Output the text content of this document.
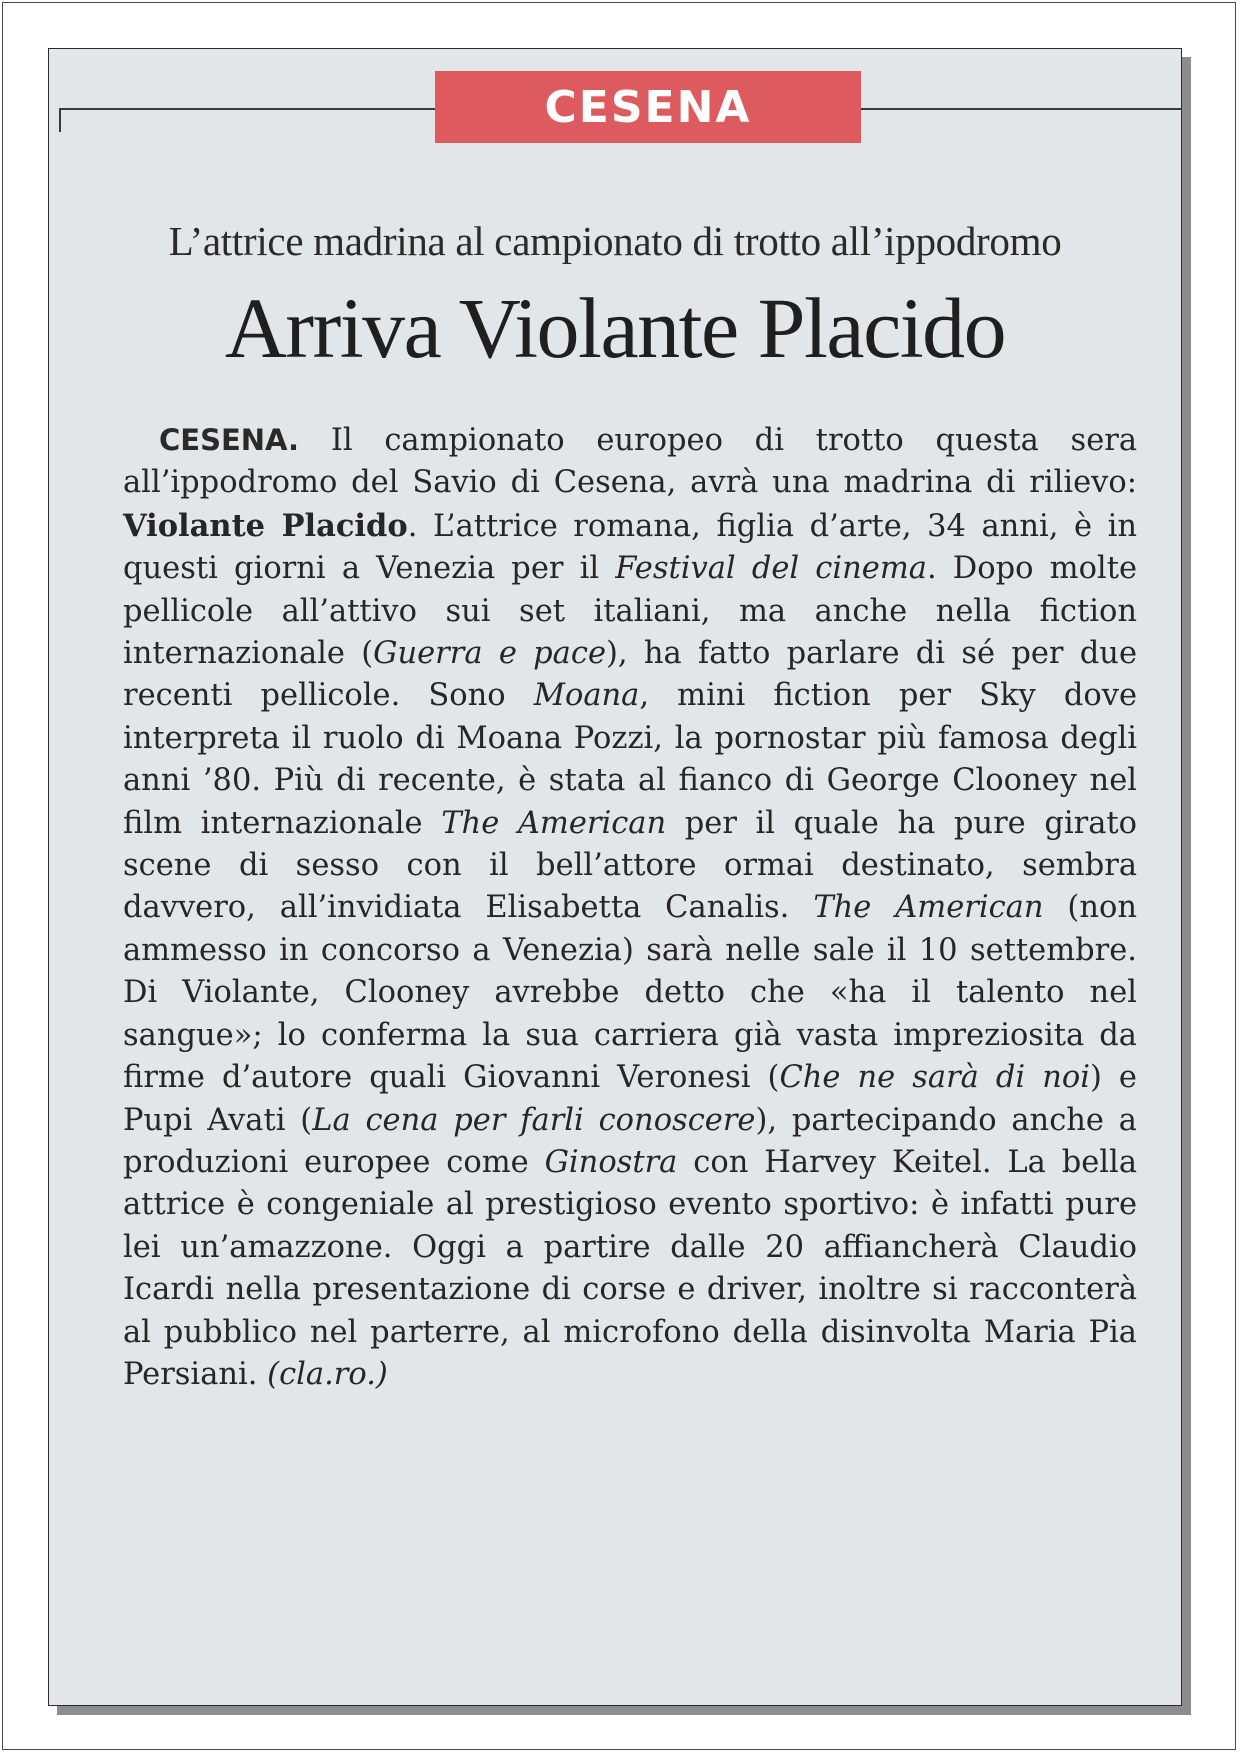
CESENA
L’attrice madrina al campionato di trotto all’ippodromo
Arriva Violante Placido

CESENA. Il campionato europeo di trotto questa sera all’ippodromo del Savio di Cesena, avrà una madrina di rilievo: Violante Placido. L’attrice romana, figlia d’arte, 34 anni, è in questi giorni a Venezia per il Festival del cinema. Dopo molte pellicole all’attivo sui set italiani, ma anche nella fiction internazionale (Guerra e pace), ha fatto parlare di sé per due recenti pellicole. Sono Moana, mini fiction per Sky dove interpreta il ruolo di Moana Pozzi, la pornostar più famosa degli anni ’80. Più di recente, è stata al fianco di George Clooney nel film internazionale The American per il quale ha pure girato scene di sesso con il bell’attore ormai destinato, sembra davvero, all’invidiata Elisabetta Canalis. The American (non ammesso in concorso a Venezia) sarà nelle sale il 10 settembre. Di Violante, Clooney avrebbe detto che «ha il talento nel sangue»; lo conferma la sua carriera già vasta impreziosita da firme d’autore quali Giovanni Veronesi (Che ne sarà di noi) e Pupi Avati (La cena per farli conoscere), partecipando anche a produzioni europee come Ginostra con Harvey Keitel. La bella attrice è congeniale al prestigioso evento sportivo: è infatti pure lei un’amazzone. Oggi a partire dalle 20 affiancherà Claudio Icardi nella presentazione di corse e driver, inoltre si racconterà al pubblico nel parterre, al microfono della disinvolta Maria Pia Persiani. (cla.ro.)
